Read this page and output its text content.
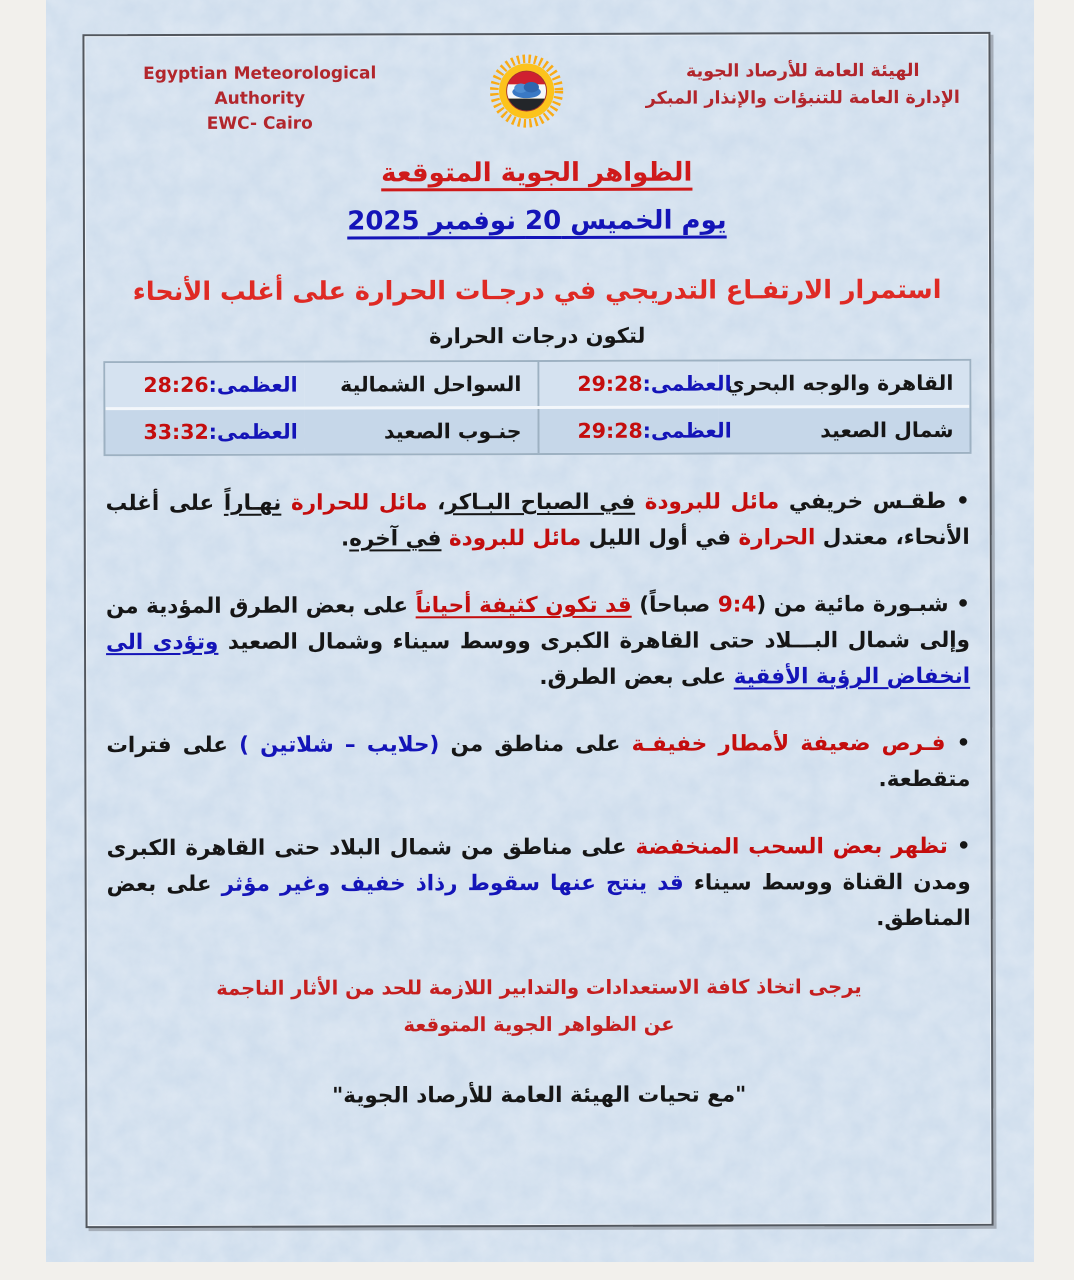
Egyptian Meteorological Authority
EWC- Cairo
الهيئة العامة للأرصاد الجوية
الإدارة العامة للتنبؤات والإنذار المبكر
الظواهر الجوية المتوقعة
يوم الخميس 20 نوفمبر 2025
استمرار الارتفـاع التدريجي في درجـات الحرارة على أغلب الأنحاء
لتكون درجات الحرارة
القاهرة والوجه البحري
العظمى:
29:28
السواحل الشمالية
العظمى:
28:26
شمال الصعيد
العظمى:
29:28
جنـوب الصعيد
العظمى:
33:32

• طقـس خريفي مائل للبرودة في الصباح البـاكر، مائل للحرارة نهـاراً على أغلب الأنحاء، معتدل الحرارة في أول الليل مائل للبرودة في آخره.

• شبـورة مائية من (9:4 صباحاً) قد تكون كثيفة أحياناً على بعض الطرق المؤدية من وإلى شمال البـــلاد حتى القاهرة الكبرى ووسط سيناء وشمال الصعيد وتؤدى الى انخفاض الرؤية الأفقية على بعض الطرق.

• فـرص ضعيفة لأمطار خفيفـة على مناطق من (حلايب – شلاتين ) على فترات متقطعة.

• تظهر بعض السحب المنخفضة على مناطق من شمال البلاد حتى القاهرة الكبرى ومدن القناة ووسط سيناء قد ينتج عنها سقوط رذاذ خفيف وغير مؤثر على بعض المناطق.

يرجى اتخاذ كافة الاستعدادات والتدابير اللازمة للحد من الأثار الناجمة
عن الظواهر الجوية المتوقعة
"مع تحيات الهيئة العامة للأرصاد الجوية"
